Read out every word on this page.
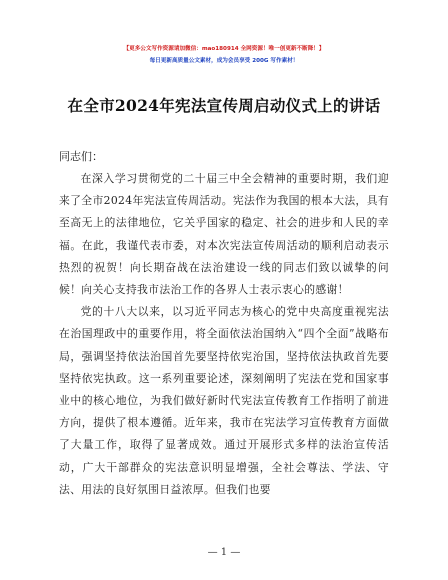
【更多公文写作资源请加微信：mao180914 全网资源！唯一创更新不断降！】
每日更新高质量公文素材，成为会员享受 200G 写作素材！
在全市2024年宪法宣传周启动仪式上的讲话
同志们：

在深入学习贯彻党的二十届三中全会精神的重要时期，我们迎来了全市2024年宪法宣传周活动。宪法作为我国的根本大法，具有至高无上的法律地位，它关乎国家的稳定、社会的进步和人民的幸福。在此，我谨代表市委，对本次宪法宣传周活动的顺利启动表示热烈的祝贺！向长期奋战在法治建设一线的同志们致以诚挚的问候！向关心支持我市法治工作的各界人士表示衷心的感谢！

党的十八大以来，以习近平同志为核心的党中央高度重视宪法在治国理政中的重要作用，将全面依法治国纳入“四个全面”战略布局，强调坚持依法治国首先要坚持依宪治国，坚持依法执政首先要坚持依宪执政。这一系列重要论述，深刻阐明了宪法在党和国家事业中的核心地位，为我们做好新时代宪法宣传教育工作指明了前进方向，提供了根本遵循。近年来，我市在宪法学习宣传教育方面做了大量工作，取得了显著成效。通过开展形式多样的法治宣传活动，广大干部群众的宪法意识明显增强，全社会尊法、学法、守法、用法的良好氛围日益浓厚。但我们也要

— 1 —
